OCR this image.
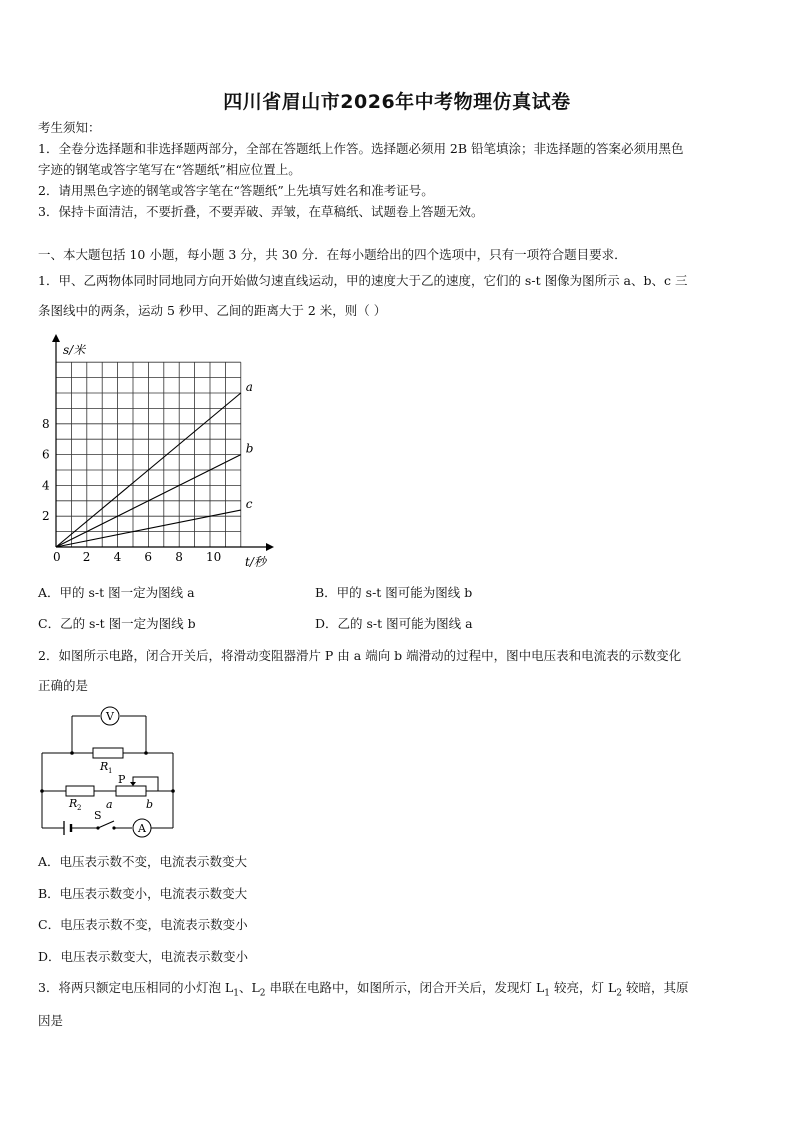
四川省眉山市2026年中考物理仿真试卷
考生须知：
1．全卷分选择题和非选择题两部分，全部在答题纸上作答。选择题必须用 2B 铅笔填涂；非选择题的答案必须用黑色
字迹的钢笔或答字笔写在“答题纸”相应位置上。
2．请用黑色字迹的钢笔或答字笔在“答题纸”上先填写姓名和准考证号。
3．保持卡面清洁，不要折叠，不要弄破、弄皱，在草稿纸、试题卷上答题无效。
一、本大题包括 10 小题，每小题 3 分，共 30 分．在每小题给出的四个选项中，只有一项符合题目要求．
1．甲、乙两物体同时同地同方向开始做匀速直线运动，甲的速度大于乙的速度，它们的 s-t 图像为图所示 a、b、c 三
条图线中的两条，运动 5 秒甲、乙间的距离大于 2 米，则（ ）
s/米
t/秒
0 2 4 6 8 10
2
4
6
8
a
b
c
A．甲的 s-t 图一定为图线 a	B．甲的 s-t 图可能为图线 b
C．乙的 s-t 图一定为图线 b	D．乙的 s-t 图可能为图线 a
2．如图所示电路，闭合开关后，将滑动变阻器滑片 P 由 a 端向 b 端滑动的过程中，图中电压表和电流表的示数变化
正确的是
V
A
R 1
R 2
P
a	b
S
A．电压表示数不变，电流表示数变大
B．电压表示数变小，电流表示数变大
C．电压表示数不变，电流表示数变小
D．电压表示数变大，电流表示数变小
3．将两只额定电压相同的小灯泡 $L_1$、$L_2$ 串联在电路中，如图所示，闭合开关后，发现灯 $L_1$ 较亮，灯 $L_2$ 较暗，其原
因是
